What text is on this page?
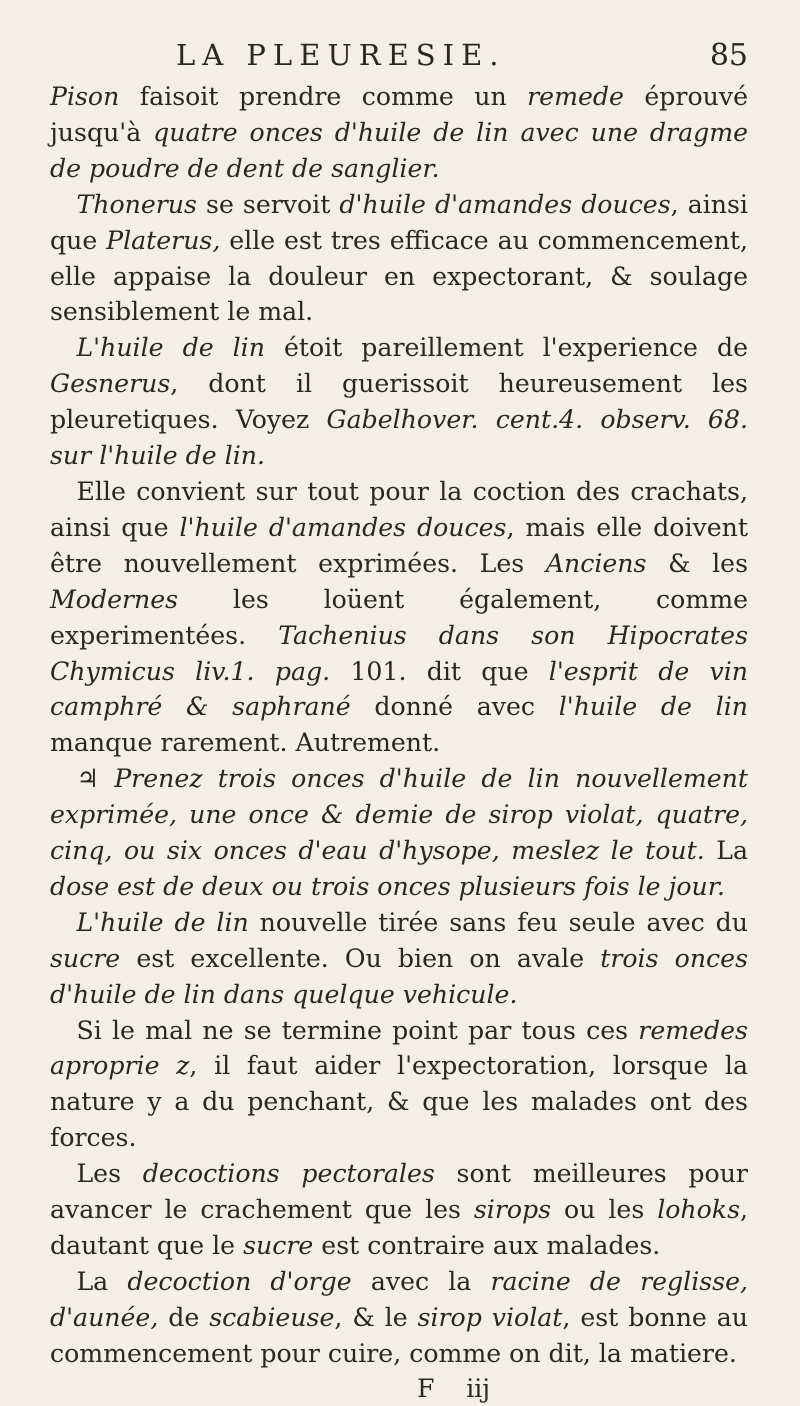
LA PLEURESIE.	85

Pison faisoit prendre comme un remede éprouvé jusqu'à quatre onces d'huile de lin avec une dragme de poudre de dent de sanglier.

Thonerus se servoit d'huile d'amandes douces, ainsi que Platerus, elle est tres efficace au commencement, elle appaise la douleur en expectorant, & soulage sensiblement le mal.

L'huile de lin étoit pareillement l'experience de Gesnerus, dont il guerissoit heureusement les pleuretiques. Voyez Gabelhover. cent.4. observ. 68. sur l'huile de lin.

Elle convient sur tout pour la coction des crachats, ainsi que l'huile d'amandes douces, mais elle doivent être nouvellement exprimées. Les Anciens & les Modernes les loüent également, comme experimentées. Tachenius dans son Hipocrates Chymicus liv.1. pag. 101. dit que l'esprit de vin camphré & saphrané donné avec l'huile de lin manque rarement. Autrement.

♃ Prenez trois onces d'huile de lin nouvellement exprimée, une once & demie de sirop violat, quatre, cinq, ou six onces d'eau d'hysope, meslez le tout. La dose est de deux ou trois onces plusieurs fois le jour.

L'huile de lin nouvelle tirée sans feu seule avec du sucre est excellente. Ou bien on avale trois onces d'huile de lin dans quelque vehicule.

Si le mal ne se termine point par tous ces remedes aproprie z, il faut aider l'expectoration, lorsque la nature y a du penchant, & que les malades ont des forces.

Les decoctions pectorales sont meilleures pour avancer le crachement que les sirops ou les lohoks, dautant que le sucre est contraire aux malades.

La decoction d'orge avec la racine de reglisse, d'aunée, de scabieuse, & le sirop violat, est bonne au commencement pour cuire, comme on dit, la matiere.

F iij
